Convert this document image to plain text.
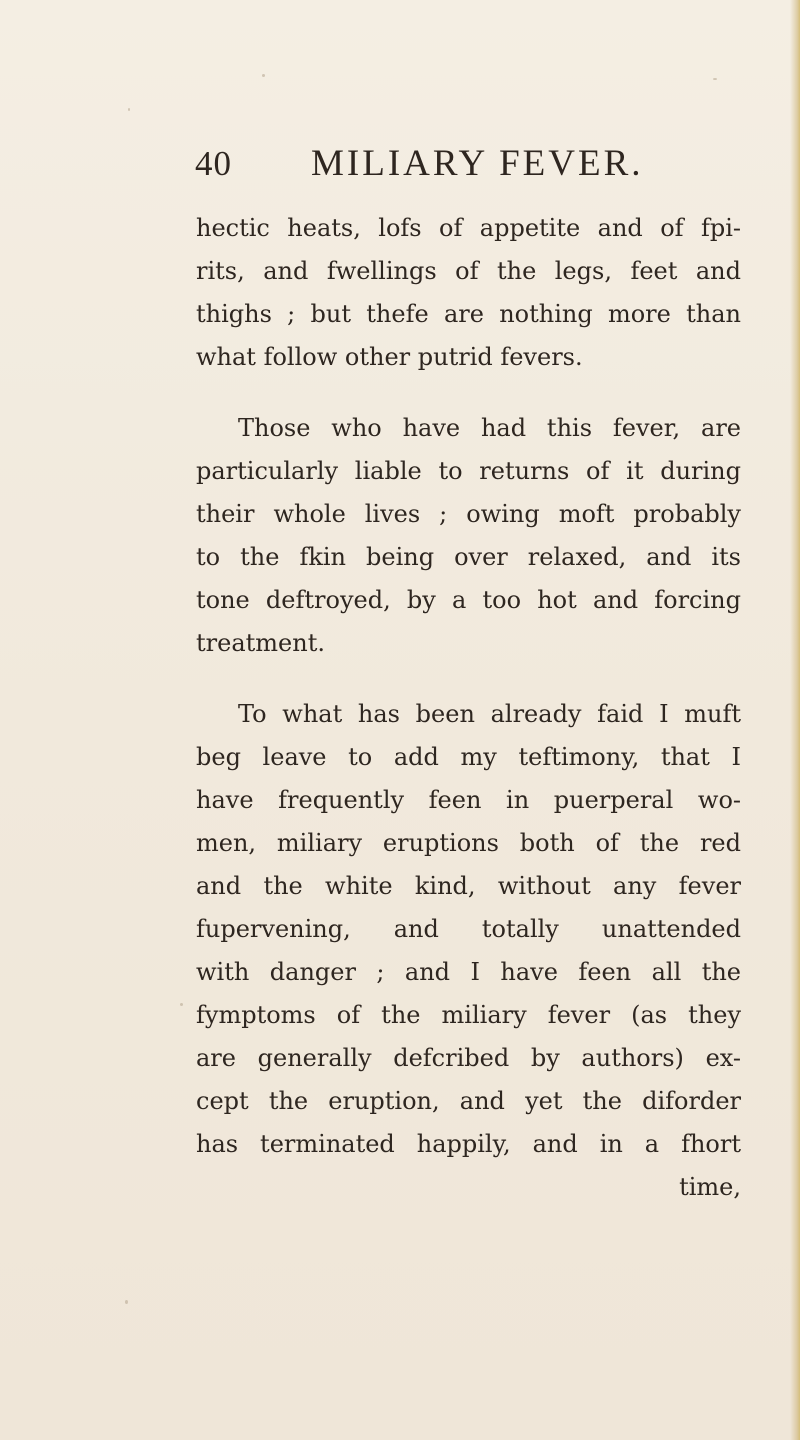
40 MILIARY FEVER.
hectic heats, lofs of appetite and of fpi-
rits, and fwellings of the legs, feet and
thighs ; but thefe are nothing more than
what follow other putrid fevers.
Those who have had this fever, are
particularly liable to returns of it during
their whole lives ; owing moft probably
to the fkin being over relaxed, and its
tone deftroyed, by a too hot and forcing
treatment.
To what has been already faid I muft
beg leave to add my teftimony, that I
have frequently feen in puerperal wo-
men, miliary eruptions both of the red
and the white kind, without any fever
fupervening, and totally unattended
with danger ; and I have feen all the
fymptoms of the miliary fever (as they
are generally defcribed by authors) ex-
cept the eruption, and yet the diforder
has terminated happily, and in a fhort
time,
